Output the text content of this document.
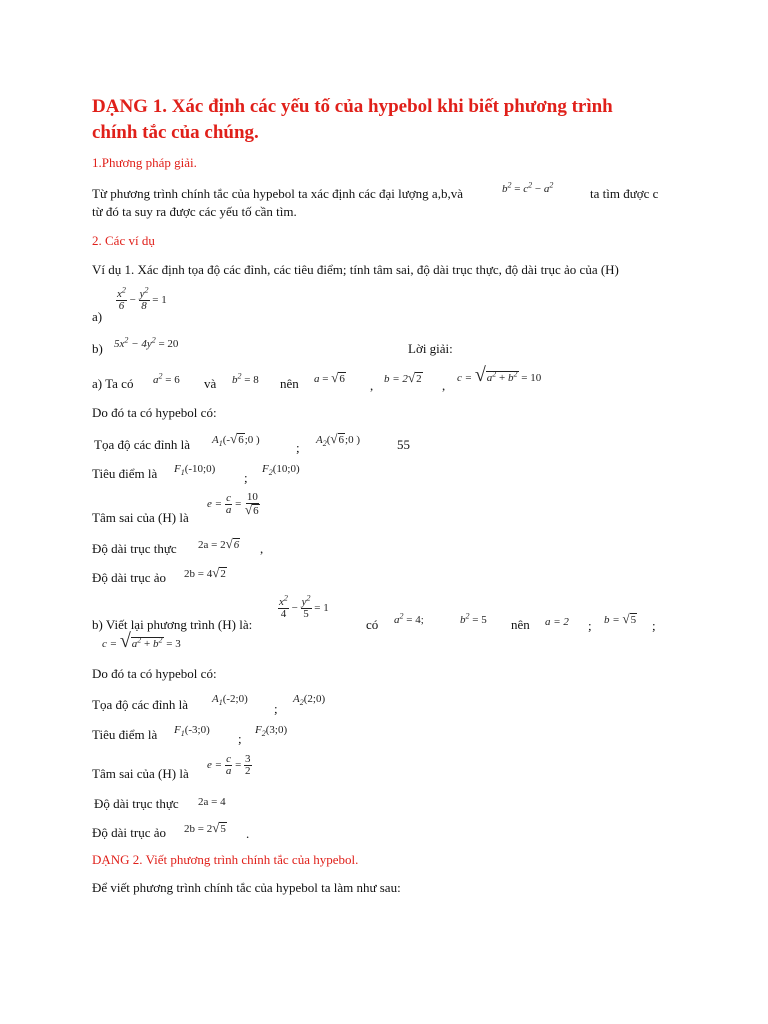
DẠNG 1. Xác định các yếu tố của hypebol khi biết phương trình
chính tắc của chúng.
1.Phương pháp giải.
Từ phương trình chính tắc của hypebol ta xác định các đại lượng a,b,và	$b^2 = c^2 - a^2$
ta tìm được c
từ đó ta suy ra được các yếu tố cần tìm.
2. Các ví dụ
Ví dụ 1. Xác định tọa độ các đỉnh, các tiêu điểm; tính tâm sai, độ dài trục thực, độ dài trục ảo của (H)
a)
$\frac{x^2}{6} - \frac{y^2}{8} = 1$
b) $5x^2 - 4y^2 = 20$	Lời giải:
a) Ta có $a^2 = 6$ và $b^2 = 8$ nên a = √6 , b = 2√2 , $c = √a^2 + b^2 = 10$
Do đó ta có hypebol có:
Tọa độ các đỉnh là $A_1(-√6;0$ )	; $A_2(√6;0$ )	55
Tiêu điểm là $F_1(-10;0)$
;
$F_2(10;0)$
Tâm sai của (H) là
$e = \frac{c}{a} = \frac{10}{√6}$
Độ dài trục thực 2a = 2√6 ,
Độ dài trục ảo 2b = 4√2
b) Viết lại phương trình (H) là:
$\frac{x^2}{4} - \frac{y^2}{5} = 1$
có $a^2 = 4$;	$b^2 = 5$ nên a = 2 ; b = √5 ;
$c = √a^2 + b^2 = 3$
Do đó ta có hypebol có:
Tọa độ các đỉnh là $A_1(-2;0)$
;
$A_2(2;0)$
Tiêu điểm là $F_1(-3;0)$
;
$F_2(3;0)$
Tâm sai của (H) là
$e = \frac{c}{a} = \frac{3}{2}$
Độ dài trục thực 2a = 4
Độ dài trục ảo 2b = 2√5 .
DẠNG 2. Viết phương trình chính tắc của hypebol.
Để viết phương trình chính tắc của hypebol ta làm như sau:
